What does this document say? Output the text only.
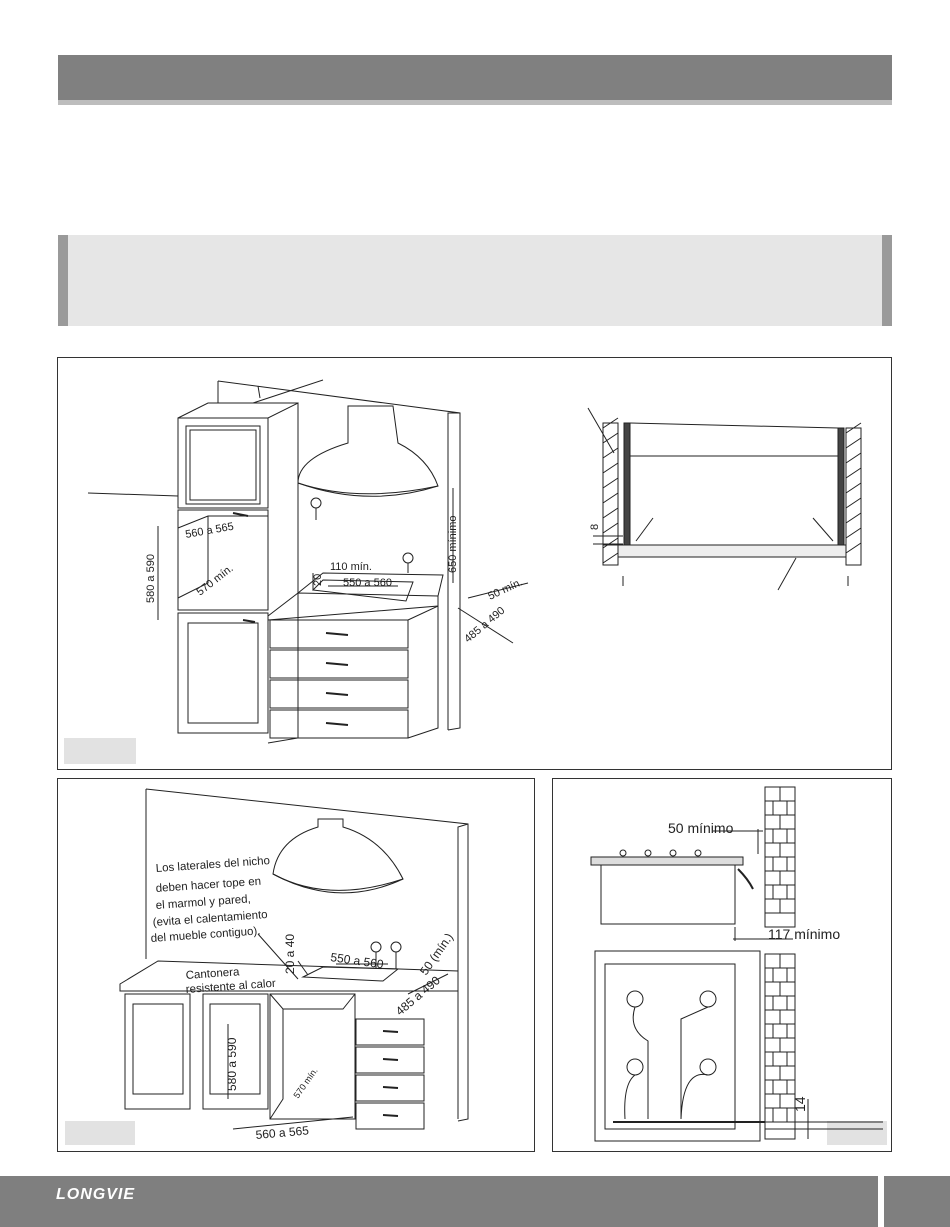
560 a 565
580 a 590	570 mín.	110 mín.
20 550 a 560
650 mínimo
50 mín.
485 a 490
8
Los laterales del nicho
deben hacer tope en
el marmol y pared,
(evita el calentamiento
del mueble contiguo).
Cantonera
resistente al calor
20 a 40	550 a 560	50 (mín.)
485 a 490
580 a 590	570 mín.
560 a 565
50 mínimo
117 mínimo
14
LONGVIE
